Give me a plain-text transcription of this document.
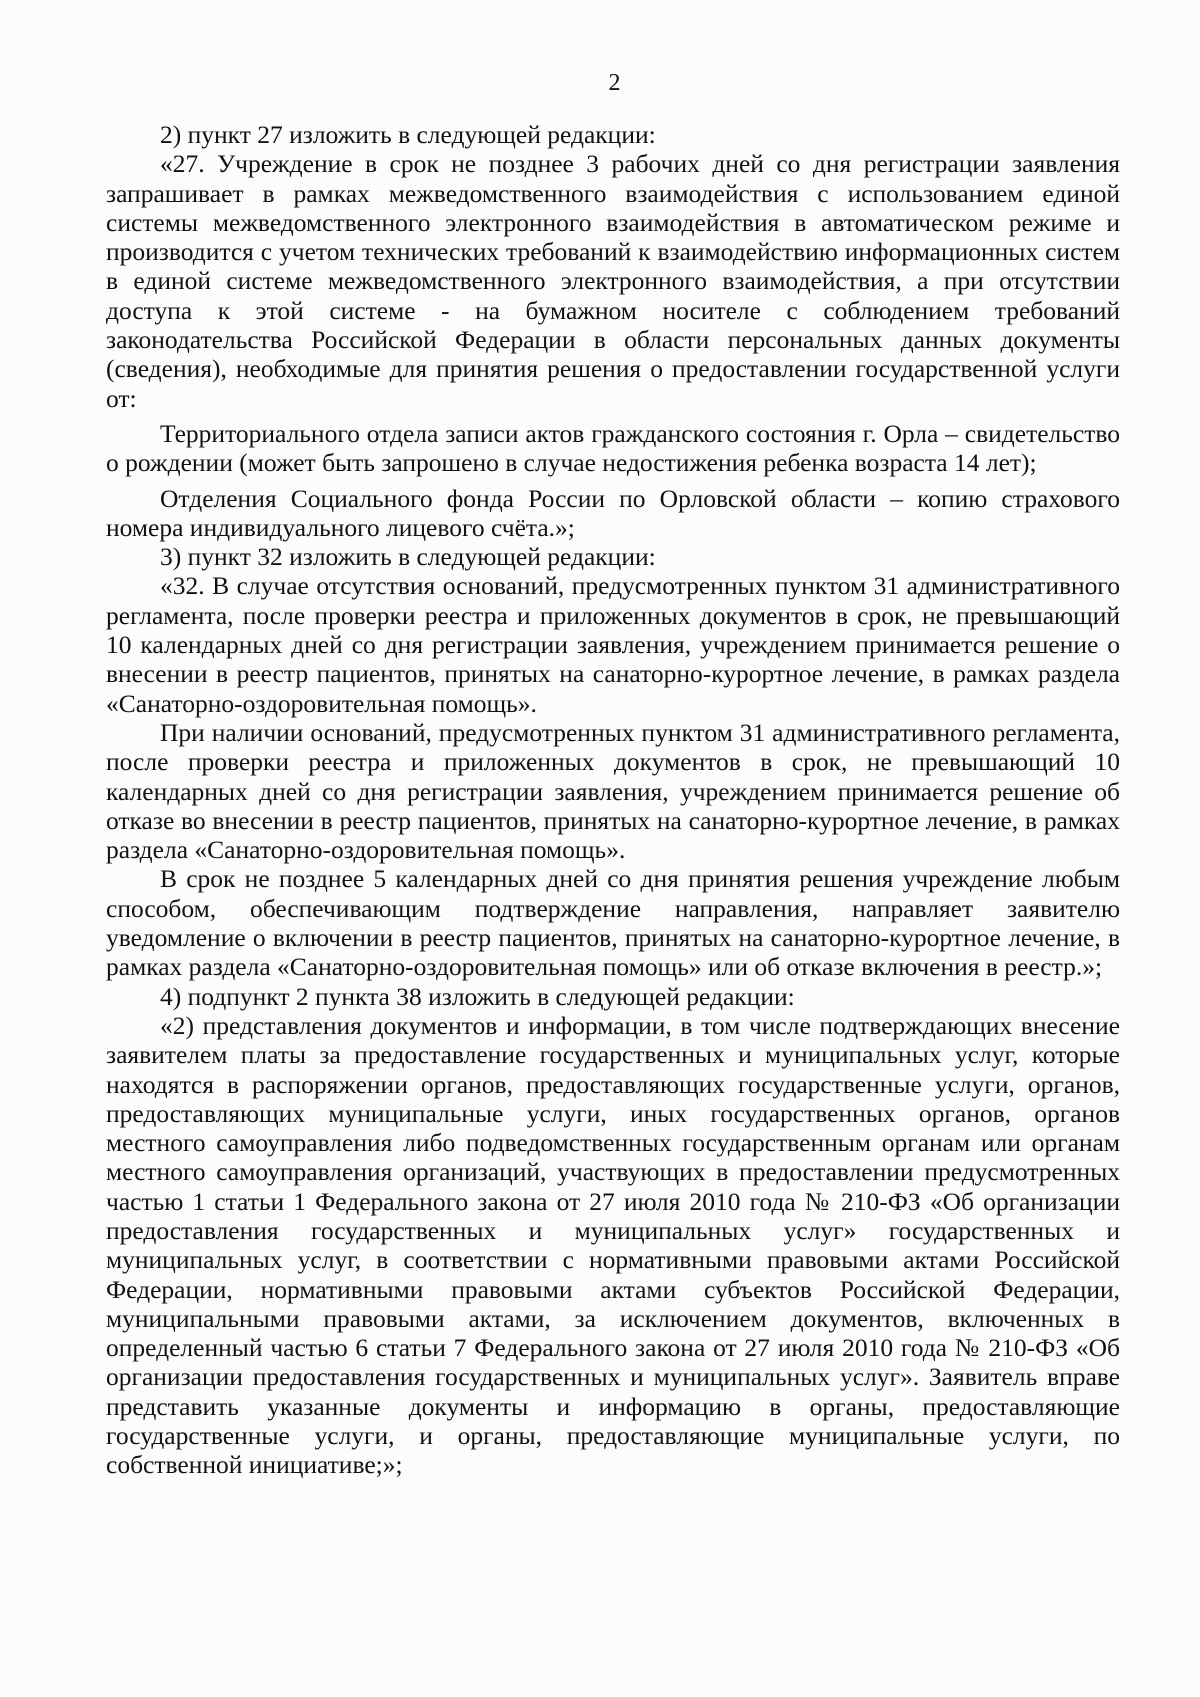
2

2) пункт 27 изложить в следующей редакции:

«27. Учреждение в срок не позднее 3 рабочих дней со дня регистрации заявления запрашивает в рамках межведомственного взаимодействия с использованием единой системы межведомственного электронного взаимодействия в автоматическом режиме и производится с учетом технических требований к взаимодействию информационных систем в единой системе межведомственного электронного взаимодействия, а при отсутствии доступа к этой системе - на бумажном носителе с соблюдением требований законодательства Российской Федерации в области персональных данных документы (сведения), необходимые для принятия решения о предоставлении государственной услуги от:

Территориального отдела записи актов гражданского состояния г. Орла – свидетельство о рождении (может быть запрошено в случае недостижения ребенка возраста 14 лет);

Отделения Социального фонда России по Орловской области – копию страхового номера индивидуального лицевого счёта.»;

3) пункт 32 изложить в следующей редакции:

«32. В случае отсутствия оснований, предусмотренных пунктом 31 административного регламента, после проверки реестра и приложенных документов в срок, не превышающий 10 календарных дней со дня регистрации заявления, учреждением принимается решение о внесении в реестр пациентов, принятых на санаторно-курортное лечение, в рамках раздела «Санаторно-оздоровительная помощь».

При наличии оснований, предусмотренных пунктом 31 административного регламента, после проверки реестра и приложенных документов в срок, не превышающий 10 календарных дней со дня регистрации заявления, учреждением принимается решение об отказе во внесении в реестр пациентов, принятых на санаторно-курортное лечение, в рамках раздела «Санаторно-оздоровительная помощь».

В срок не позднее 5 календарных дней со дня принятия решения учреждение любым способом, обеспечивающим подтверждение направления, направляет заявителю уведомление о включении в реестр пациентов, принятых на санаторно-курортное лечение, в рамках раздела «Санаторно-оздоровительная помощь» или об отказе включения в реестр.»;

4) подпункт 2 пункта 38 изложить в следующей редакции:

«2) представления документов и информации, в том числе подтверждающих внесение заявителем платы за предоставление государственных и муниципальных услуг, которые находятся в распоряжении органов, предоставляющих государственные услуги, органов, предоставляющих муниципальные услуги, иных государственных органов, органов местного самоуправления либо подведомственных государственным органам или органам местного самоуправления организаций, участвующих в предоставлении предусмотренных частью 1 статьи 1 Федерального закона от 27 июля 2010 года № 210-ФЗ «Об организации предоставления государственных и муниципальных услуг» государственных и муниципальных услуг, в соответствии с нормативными правовыми актами Российской Федерации, нормативными правовыми актами субъектов Российской Федерации, муниципальными правовыми актами, за исключением документов, включенных в определенный частью 6 статьи 7 Федерального закона от 27 июля 2010 года № 210-ФЗ «Об организации предоставления государственных и муниципальных услуг». Заявитель вправе представить указанные документы и информацию в органы, предоставляющие государственные услуги, и органы, предоставляющие муниципальные услуги, по собственной инициативе;»;
